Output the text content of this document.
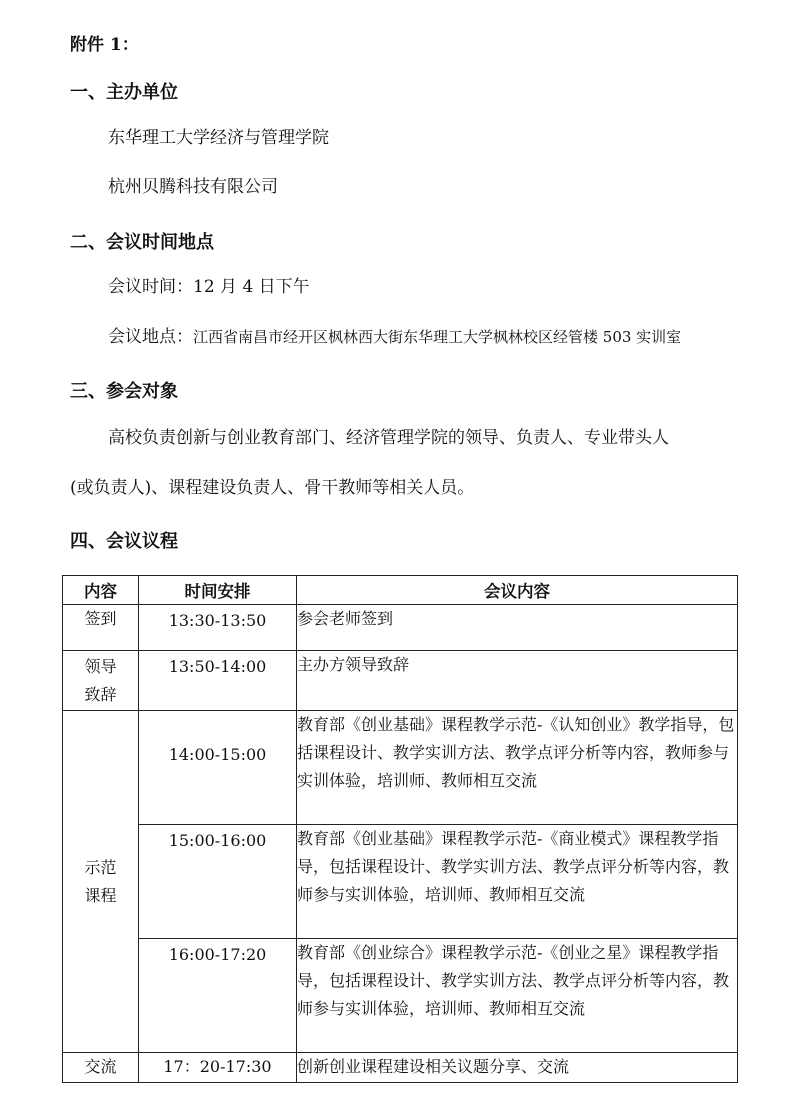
附件 1：
一、主办单位
东华理工大学经济与管理学院
杭州贝腾科技有限公司
二、会议时间地点
会议时间：12 月 4 日下午
会议地点：江西省南昌市经开区枫林西大街东华理工大学枫林校区经管楼 503 实训室
三、参会对象
高校负责创新与创业教育部门、经济管理学院的领导、负责人、专业带头人
(或负责人)、课程建设负责人、骨干教师等相关人员。
四、会议议程
内容	时间安排	会议内容
签到	13:30-13:50	参会老师签到
领导致辞	13:50-14:00	主办方领导致辞
示范课程	14:00-15:00	教育部《创业基础》课程教学示范-《认知创业》教学指导，包括课程设计、教学实训方法、教学点评分析等内容，教师参与实训体验，培训师、教师相互交流
	15:00-16:00	教育部《创业基础》课程教学示范-《商业模式》课程教学指导，包括课程设计、教学实训方法、教学点评分析等内容，教师参与实训体验，培训师、教师相互交流
	16:00-17:20	教育部《创业综合》课程教学示范-《创业之星》课程教学指导，包括课程设计、教学实训方法、教学点评分析等内容，教师参与实训体验，培训师、教师相互交流
交流	17：20-17:30	创新创业课程建设相关议题分享、交流
